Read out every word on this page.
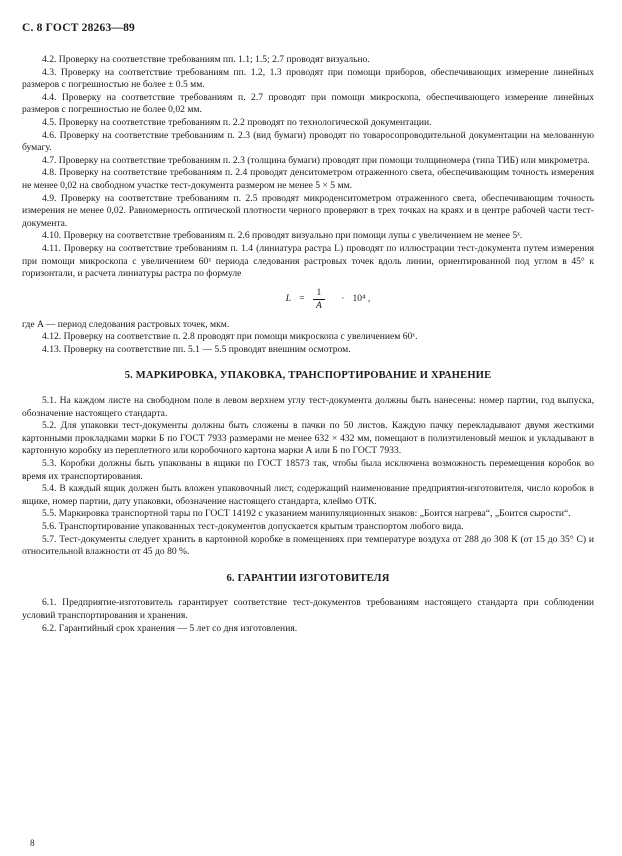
С. 8 ГОСТ 28263—89

4.2. Проверку на соответствие требованиям пп. 1.1; 1.5; 2.7 проводят визуально.

4.3. Проверку на соответствие требованиям пп. 1.2, 1.3 проводят при помощи приборов, обеспечивающих измерение линейных размеров с погрешностью не более ± 0.5 мм.

4.4. Проверку на соответствие требованиям п. 2.7 проводят при помощи микроскопа, обеспечивающего измерение линейных размеров с погрешностью не более 0,02 мм.

4.5. Проверку на соответствие требованиям п. 2.2 проводят по технологической документации.

4.6. Проверку на соответствие требованиям п. 2.3 (вид бумаги) проводят по товаросопроводительной документации на мелованную бумагу.

4.7. Проверку на соответствие требованиям п. 2.3 (толщина бумаги) проводят при помощи толщиномера (типа ТИБ) или микрометра.

4.8. Проверку на соответствие требованиям п. 2.4 проводят денситометром отраженного света, обеспечивающим точность измерения не менее 0,02 на свободном участке тест-документа размером не менее 5 × 5 мм.

4.9. Проверку на соответствие требованиям п. 2.5 проводят микроденситометром отраженного света, обеспечивающим точность измерения не менее 0,02. Равномерность оптической плотности черного проверяют в трех точках на краях и в центре рабочей части тест-документа.

4.10. Проверку на соответствие требованиям п. 2.6 проводят визуально при помощи лупы с увеличением не менее 5ˣ.

4.11. Проверку на соответствие требованиям п. 1.4 (линиатура растра L) проводят по иллюстрации тест-документа путем измерения при помощи микроскопа с увеличением 60ˣ периода следования растровых точек вдоль линии, ориентированной под углом в 45° к горизонтали, и расчета линиатуры растра по формуле

$L = \frac{1}{A} \cdot 10^4$ ,

где A — период следования растровых точек, мкм.

4.12. Проверку на соответствие п. 2.8 проводят при помощи микроскопа с увеличением 60ˣ.

4.13. Проверку на соответствие пп. 5.1 — 5.5 проводят внешним осмотром.

5. МАРКИРОВКА, УПАКОВКА, ТРАНСПОРТИРОВАНИЕ И ХРАНЕНИЕ

5.1. На каждом листе на свободном поле в левом верхнем углу тест-документа должны быть нанесены: номер партии, год выпуска, обозначение настоящего стандарта.

5.2. Для упаковки тест-документы должны быть сложены в пачки по 50 листов. Каждую пачку перекладывают двумя жесткими картонными прокладками марки Б по ГОСТ 7933 размерами не менее 632 × 432 мм, помещают в полиэтиленовый мешок и укладывают в картонную коробку из переплетного или коробочного картона марки А или Б по ГОСТ 7933.

5.3. Коробки должны быть упакованы в ящики по ГОСТ 18573 так, чтобы была исключена возможность перемещения коробок во время их транспортирования.

5.4. В каждый ящик должен быть вложен упаковочный лист, содержащий наименование предприятия-изготовителя, число коробок в ящике, номер партии, дату упаковки, обозначение настоящего стандарта, клеймо ОТК.

5.5. Маркировка транспортной тары по ГОСТ 14192 с указанием манипуляционных знаков: „Боится нагрева“, „Боится сырости“.

5.6. Транспортирование упакованных тест-документов допускается крытым транспортом любого вида.

5.7. Тест-документы следует хранить в картонной коробке в помещениях при температуре воздуха от 288 до 308 К (от 15 до 35° С) и относительной влажности от 45 до 80 %.

6. ГАРАНТИИ ИЗГОТОВИТЕЛЯ

6.1. Предприятие-изготовитель гарантирует соответствие тест-документов требованиям настоящего стандарта при соблюдении условий транспортирования и хранения.

6.2. Гарантийный срок хранения — 5 лет со дня изготовления.

8
